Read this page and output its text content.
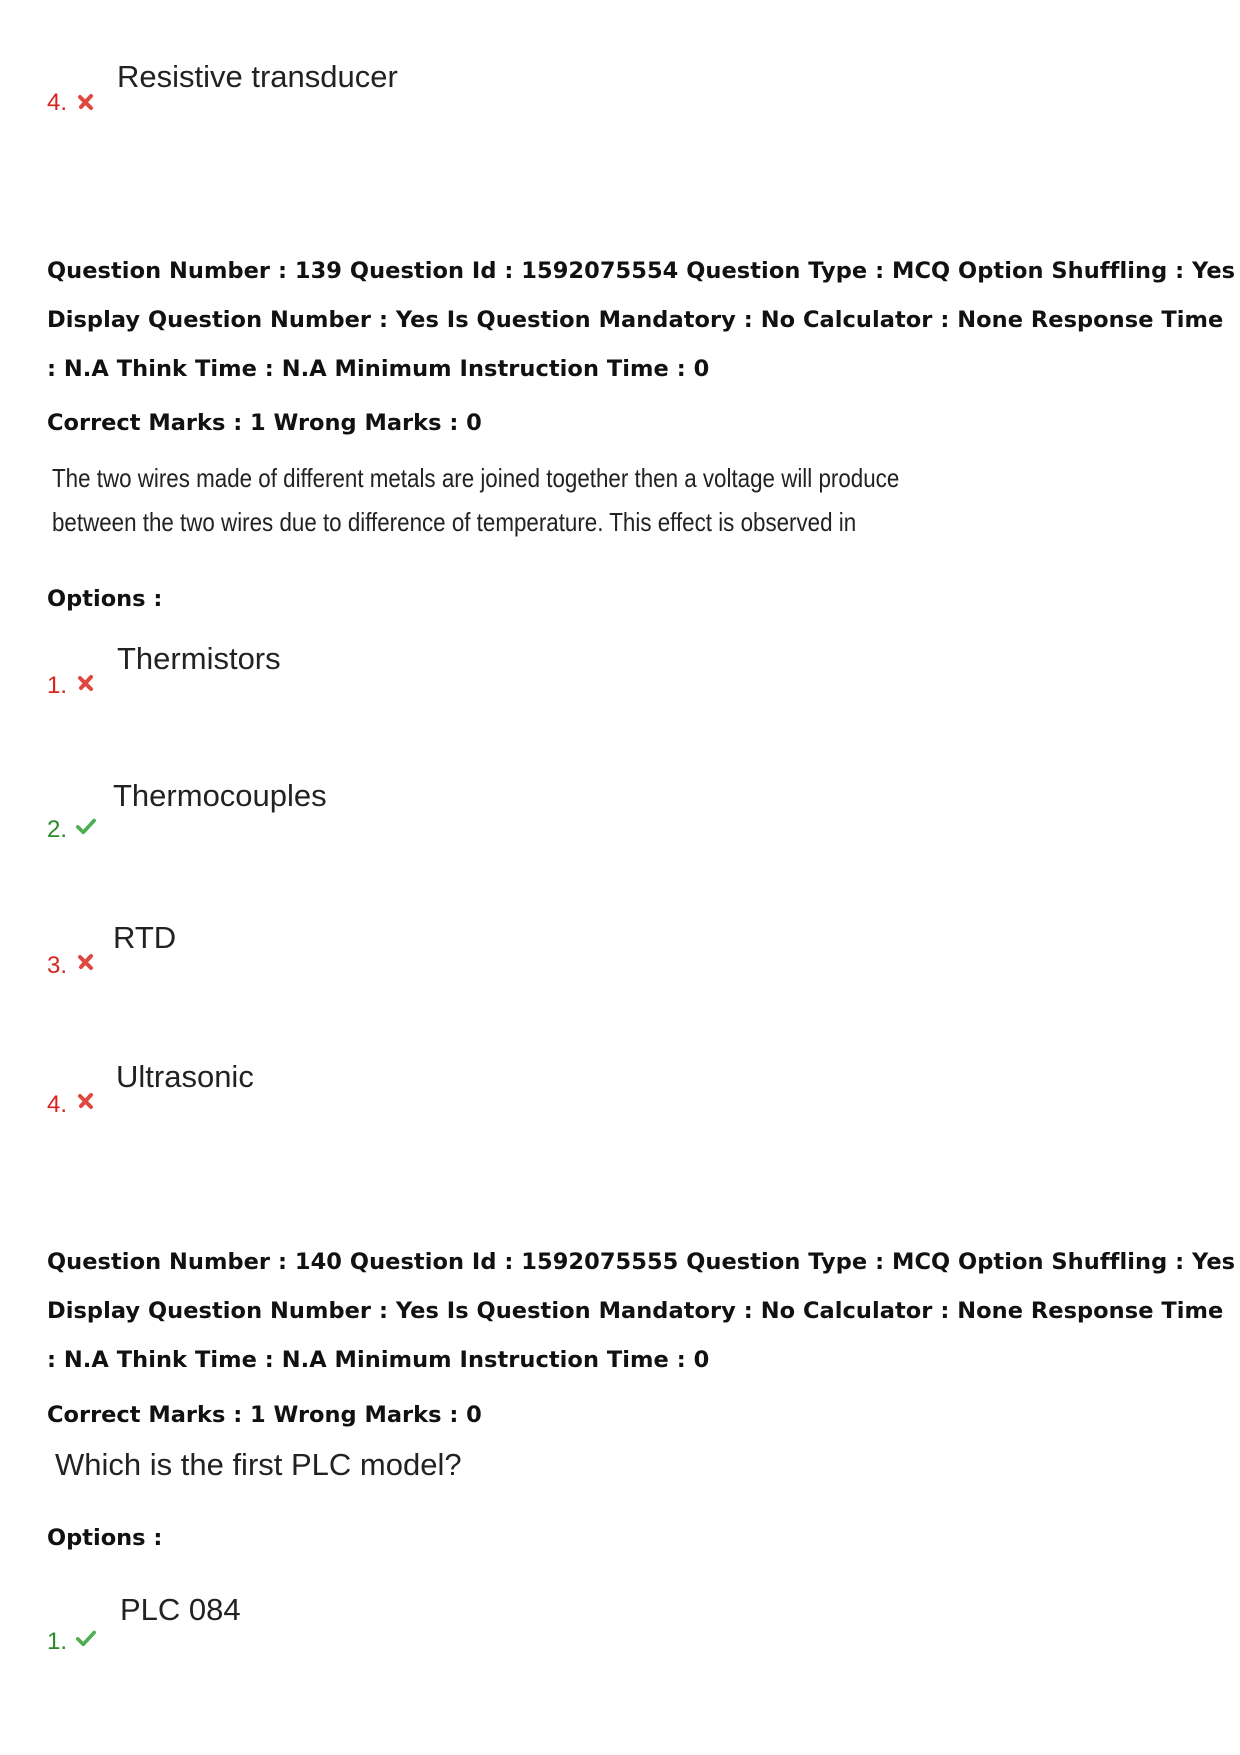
4.
Resistive transducer
Question Number : 139 Question Id : 1592075554 Question Type : MCQ Option Shuffling : Yes
Display Question Number : Yes Is Question Mandatory : No Calculator : None Response Time
: N.A Think Time : N.A Minimum Instruction Time : 0
Correct Marks : 1 Wrong Marks : 0
The two wires made of different metals are joined together then a voltage will produce
between the two wires due to difference of temperature. This effect is observed in
Options :
1.
Thermistors
2.
Thermocouples
3.
RTD
4.
Ultrasonic
Question Number : 140 Question Id : 1592075555 Question Type : MCQ Option Shuffling : Yes
Display Question Number : Yes Is Question Mandatory : No Calculator : None Response Time
: N.A Think Time : N.A Minimum Instruction Time : 0
Correct Marks : 1 Wrong Marks : 0
Which is the first PLC model?
Options :
1.
PLC 084
